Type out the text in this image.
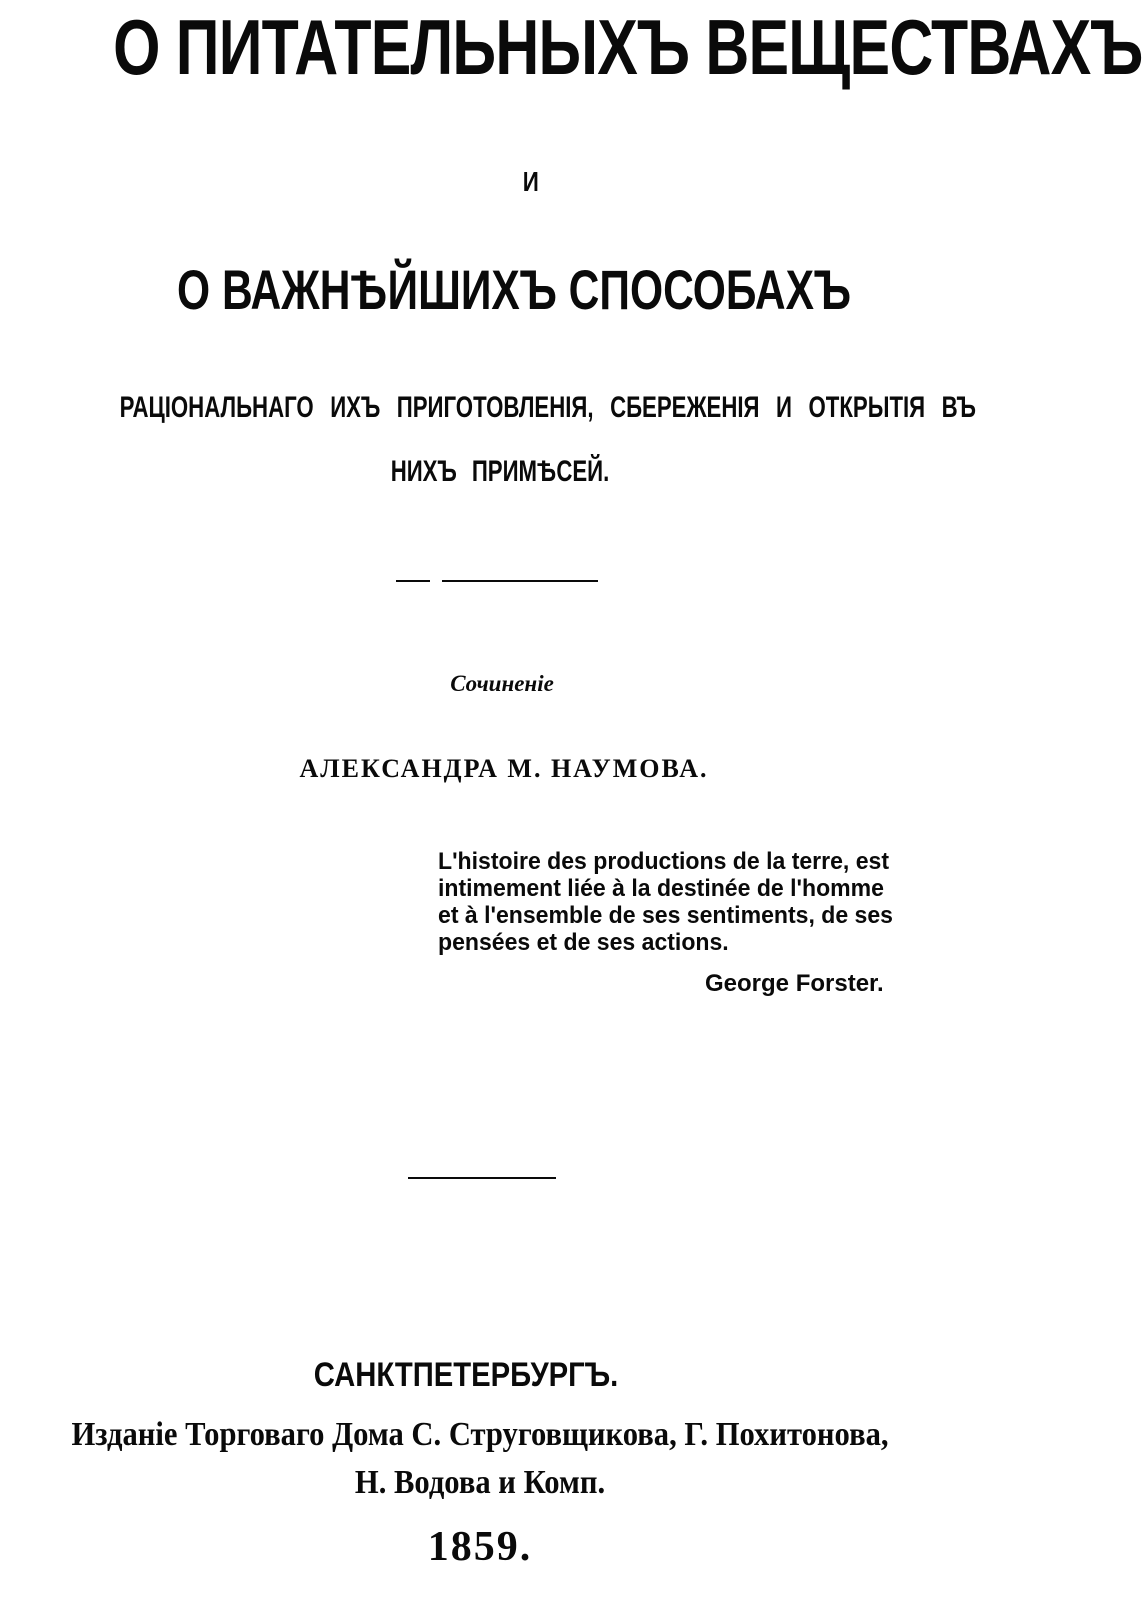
О ПИТАТЕЛЬНЫХЪ ВЕЩЕСТВАХЪ
И
О ВАЖНѢЙШИХЪ СПОСОБАХЪ
РАЦІОНАЛЬНАГО ИХЪ ПРИГОТОВЛЕНІЯ, СБЕРЕЖЕНІЯ И ОТКРЫТІЯ ВЪ
НИХЪ ПРИМѢСЕЙ.
Сочиненіе
АЛЕКСАНДРА М. НАУМОВА.
L'histoire des productions de la terre, est
intimement liée à la destinée de l'homme
et à l'ensemble de ses sentiments, de ses
pensées et de ses actions.
George Forster.
САНКТПЕТЕРБУРГЪ.
Изданіе Торговаго Дома С. Струговщикова, Г. Похитонова,
Н. Водова и Комп.
1859.
